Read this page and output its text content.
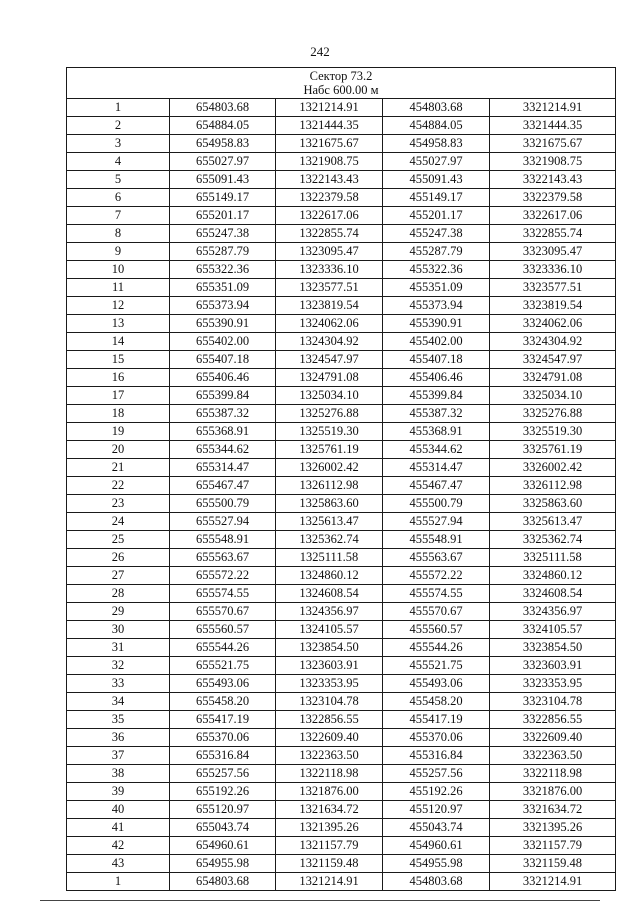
242
Сектор 73.2
Набс 600.00 м				

1	654803.68	1321214.91	454803.68	3321214.91
2	654884.05	1321444.35	454884.05	3321444.35
3	654958.83	1321675.67	454958.83	3321675.67
4	655027.97	1321908.75	455027.97	3321908.75
5	655091.43	1322143.43	455091.43	3322143.43
6	655149.17	1322379.58	455149.17	3322379.58
7	655201.17	1322617.06	455201.17	3322617.06
8	655247.38	1322855.74	455247.38	3322855.74
9	655287.79	1323095.47	455287.79	3323095.47
10	655322.36	1323336.10	455322.36	3323336.10
11	655351.09	1323577.51	455351.09	3323577.51
12	655373.94	1323819.54	455373.94	3323819.54
13	655390.91	1324062.06	455390.91	3324062.06
14	655402.00	1324304.92	455402.00	3324304.92
15	655407.18	1324547.97	455407.18	3324547.97
16	655406.46	1324791.08	455406.46	3324791.08
17	655399.84	1325034.10	455399.84	3325034.10
18	655387.32	1325276.88	455387.32	3325276.88
19	655368.91	1325519.30	455368.91	3325519.30
20	655344.62	1325761.19	455344.62	3325761.19
21	655314.47	1326002.42	455314.47	3326002.42
22	655467.47	1326112.98	455467.47	3326112.98
23	655500.79	1325863.60	455500.79	3325863.60
24	655527.94	1325613.47	455527.94	3325613.47
25	655548.91	1325362.74	455548.91	3325362.74
26	655563.67	1325111.58	455563.67	3325111.58
27	655572.22	1324860.12	455572.22	3324860.12
28	655574.55	1324608.54	455574.55	3324608.54
29	655570.67	1324356.97	455570.67	3324356.97
30	655560.57	1324105.57	455560.57	3324105.57
31	655544.26	1323854.50	455544.26	3323854.50
32	655521.75	1323603.91	455521.75	3323603.91
33	655493.06	1323353.95	455493.06	3323353.95
34	655458.20	1323104.78	455458.20	3323104.78
35	655417.19	1322856.55	455417.19	3322856.55
36	655370.06	1322609.40	455370.06	3322609.40
37	655316.84	1322363.50	455316.84	3322363.50
38	655257.56	1322118.98	455257.56	3322118.98
39	655192.26	1321876.00	455192.26	3321876.00
40	655120.97	1321634.72	455120.97	3321634.72
41	655043.74	1321395.26	455043.74	3321395.26
42	654960.61	1321157.79	454960.61	3321157.79
43	654955.98	1321159.48	454955.98	3321159.48
1	654803.68	1321214.91	454803.68	3321214.91
